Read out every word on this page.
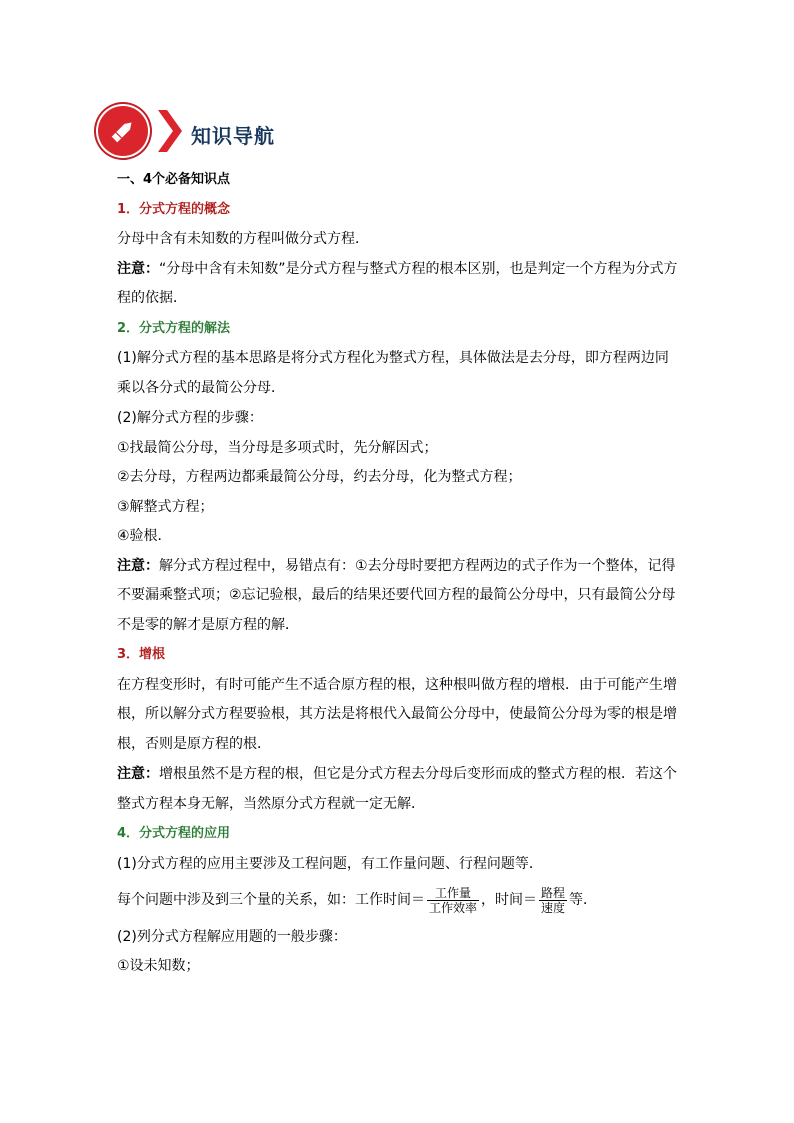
知识导航
一、4个必备知识点
1．分式方程的概念
分母中含有未知数的方程叫做分式方程．
注意：“分母中含有未知数”是分式方程与整式方程的根本区别，也是判定一个方程为分式方程的依据．
2．分式方程的解法
(1)解分式方程的基本思路是将分式方程化为整式方程，具体做法是去分母，即方程两边同乘以各分式的最简公分母．
(2)解分式方程的步骤：
①找最简公分母，当分母是多项式时，先分解因式；
②去分母，方程两边都乘最简公分母，约去分母，化为整式方程；
③解整式方程；
④验根．
注意：解分式方程过程中，易错点有：①去分母时要把方程两边的式子作为一个整体，记得不要漏乘整式项；②忘记验根，最后的结果还要代回方程的最简公分母中，只有最简公分母不是零的解才是原方程的解．
3．增根
在方程变形时，有时可能产生不适合原方程的根，这种根叫做方程的增根．由于可能产生增根，所以解分式方程要验根，其方法是将根代入最简公分母中，使最简公分母为零的根是增根，否则是原方程的根．
注意：增根虽然不是方程的根，但它是分式方程去分母后变形而成的整式方程的根．若这个整式方程本身无解，当然原分式方程就一定无解．
4．分式方程的应用
(1)分式方程的应用主要涉及工程问题，有工作量问题、行程问题等．
每个问题中涉及到三个量的关系，如：工作时间＝ $\frac{\text{工作量}}{\text{工作效率}}$ ，时间＝ $\frac{\text{路程}}{\text{速度}}$ 等．
(2)列分式方程解应用题的一般步骤：
①设未知数；
